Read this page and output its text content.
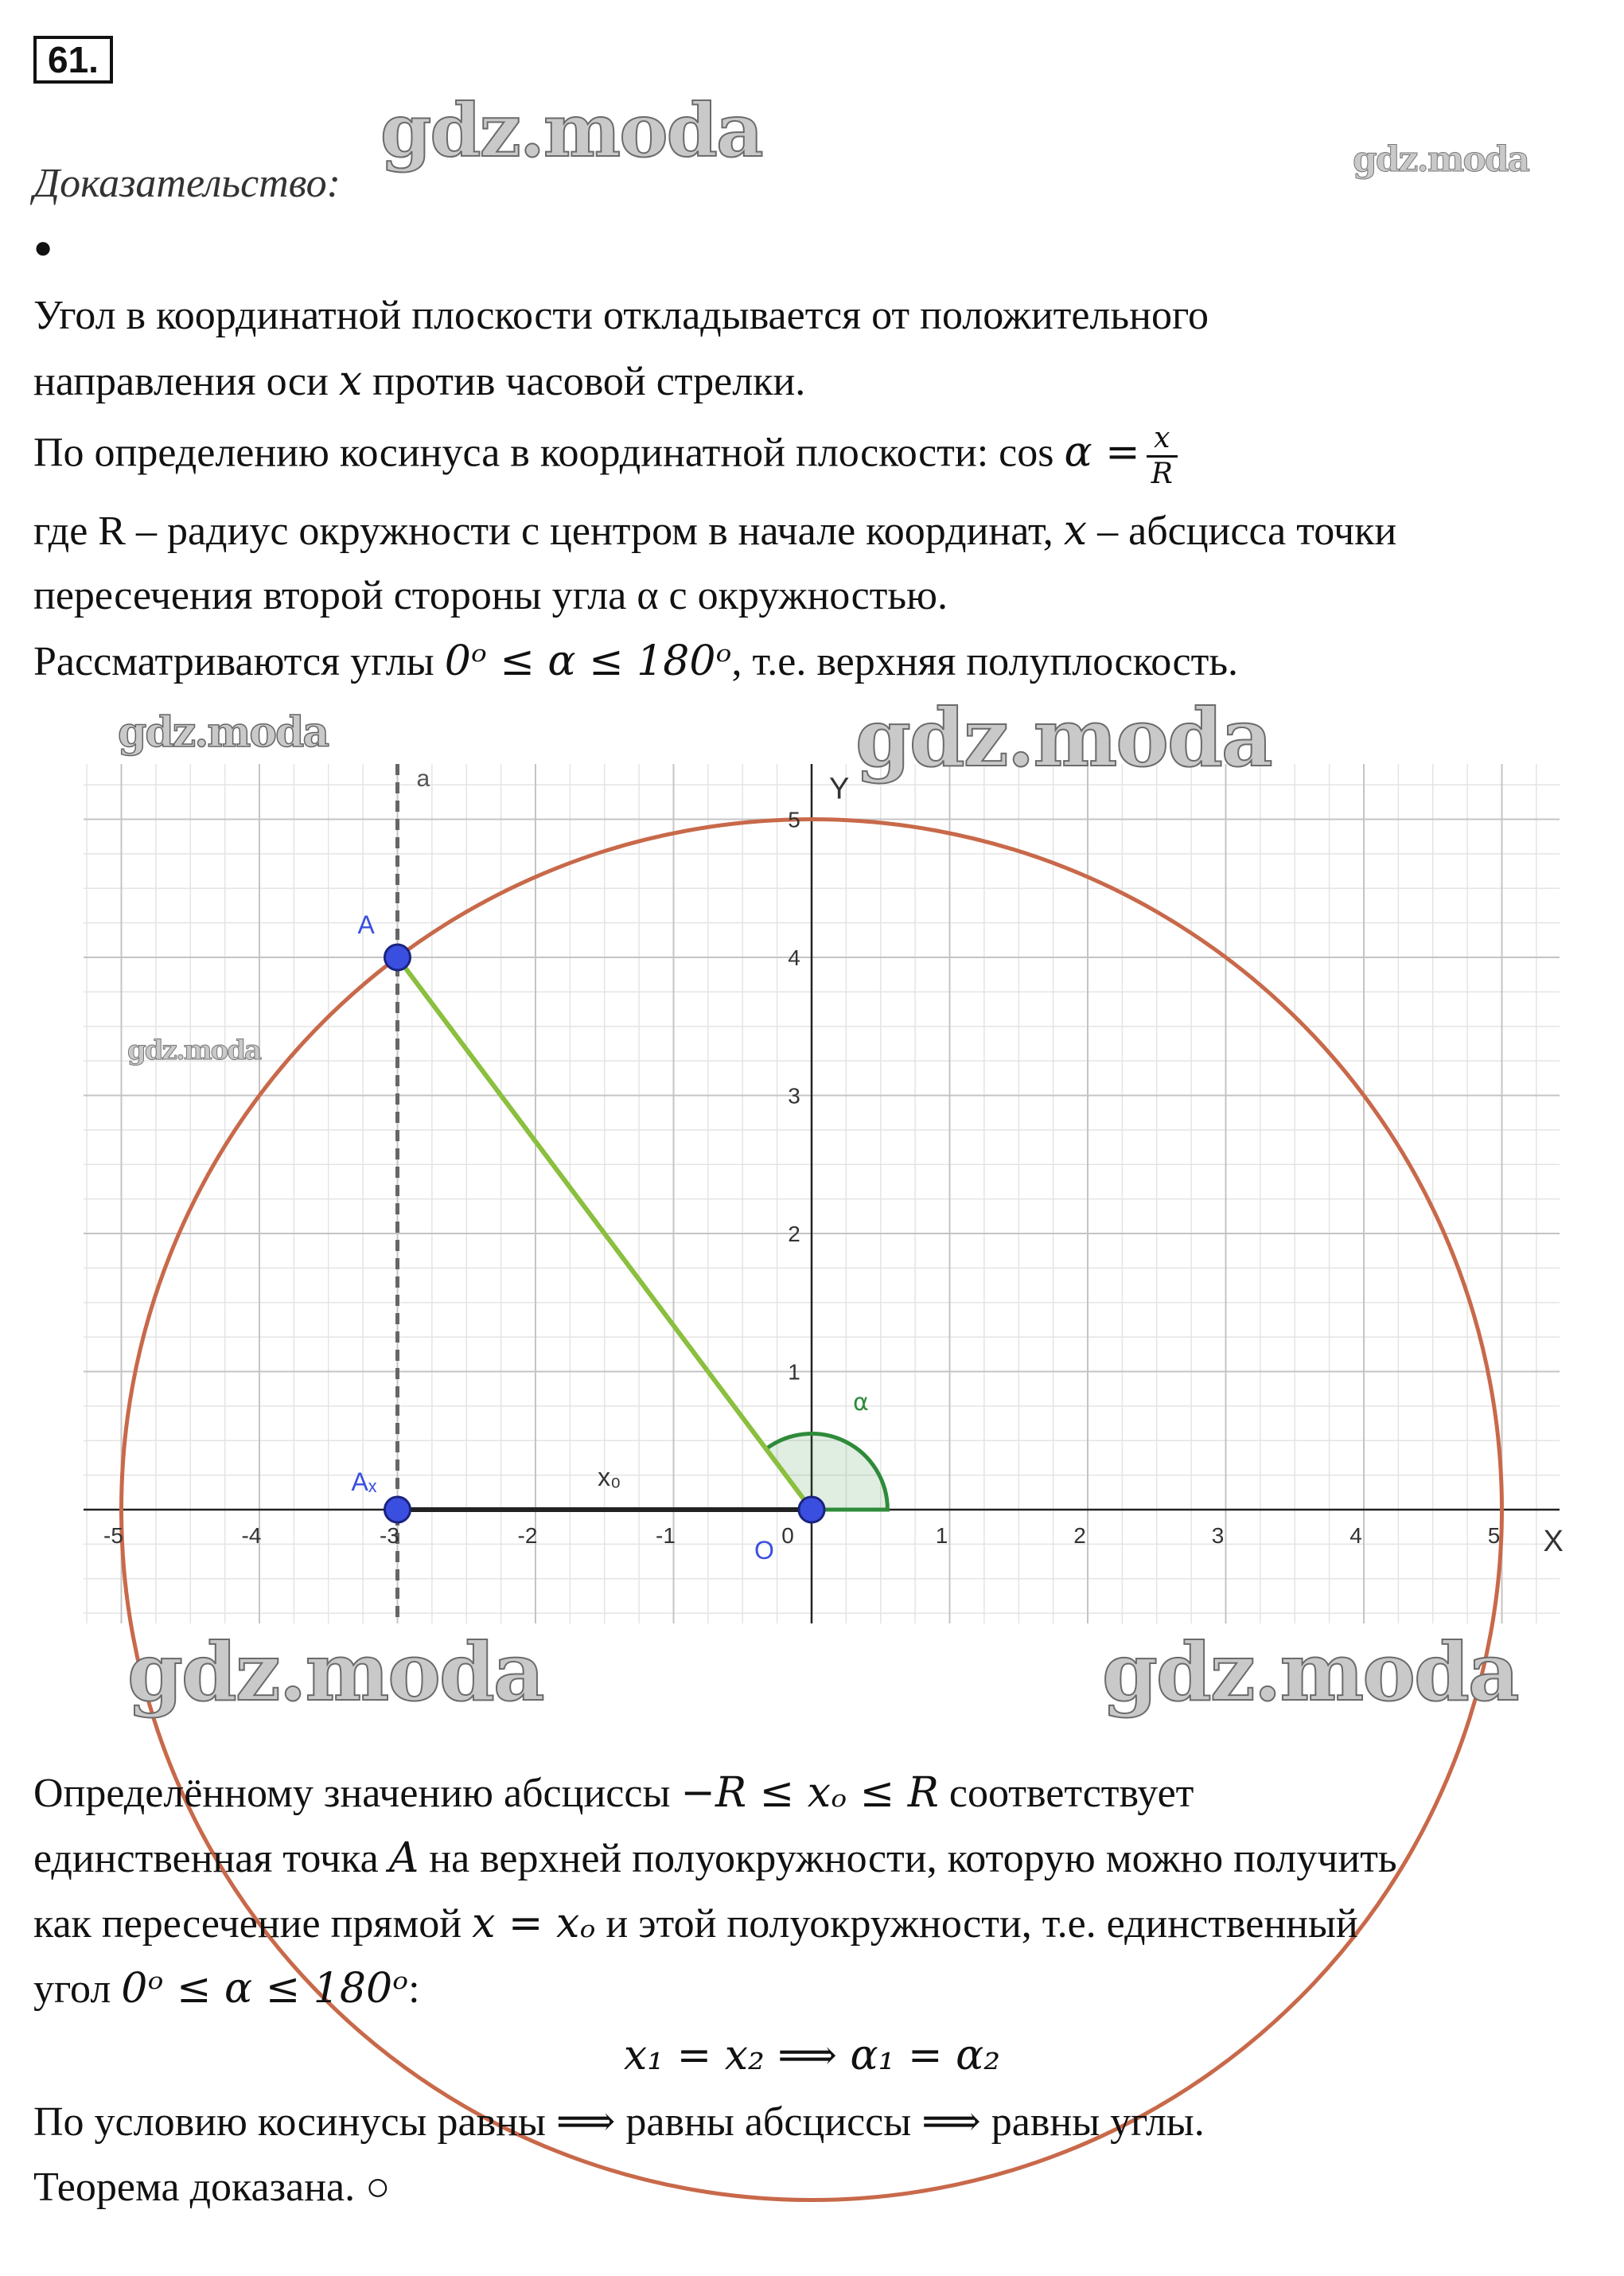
61.
gdz.moda	gdz.moda
Доказательство:
●
Угол в координатной плоскости откладывается от положительного
направления оси x против часовой стрелки.
По определению косинуса в координатной плоскости: $\cos \alpha = \frac{x}{R}$
где R – радиус окружности с центром в начале координат, x – абсцисса точки
пересечения второй стороны угла α с окружностью.
Рассматриваются углы 0ᵒ ≤ α ≤ 180ᵒ, т.е. верхняя полуплоскость.
-5	-4	-3	-2	-1	1	2	3	4	5
1
2
3
4
5
0	X
Y
A
Aₓ
O
a
x₀
α
gdz.moda	gdz.moda
gdz.moda
gdz.moda	gdz.moda
Определённому значению абсциссы −R ≤ xₒ ≤ R соответствует
единственная точка A на верхней полуокружности, которую можно получить
как пересечение прямой x = xₒ и этой полуокружности, т.е. единственный
угол 0ᵒ ≤ α ≤ 180ᵒ:
x₁ = x₂ ⟹ α₁ = α₂
По условию косинусы равны ⟹ равны абсциссы ⟹ равны углы.
Теорема доказана. ○
